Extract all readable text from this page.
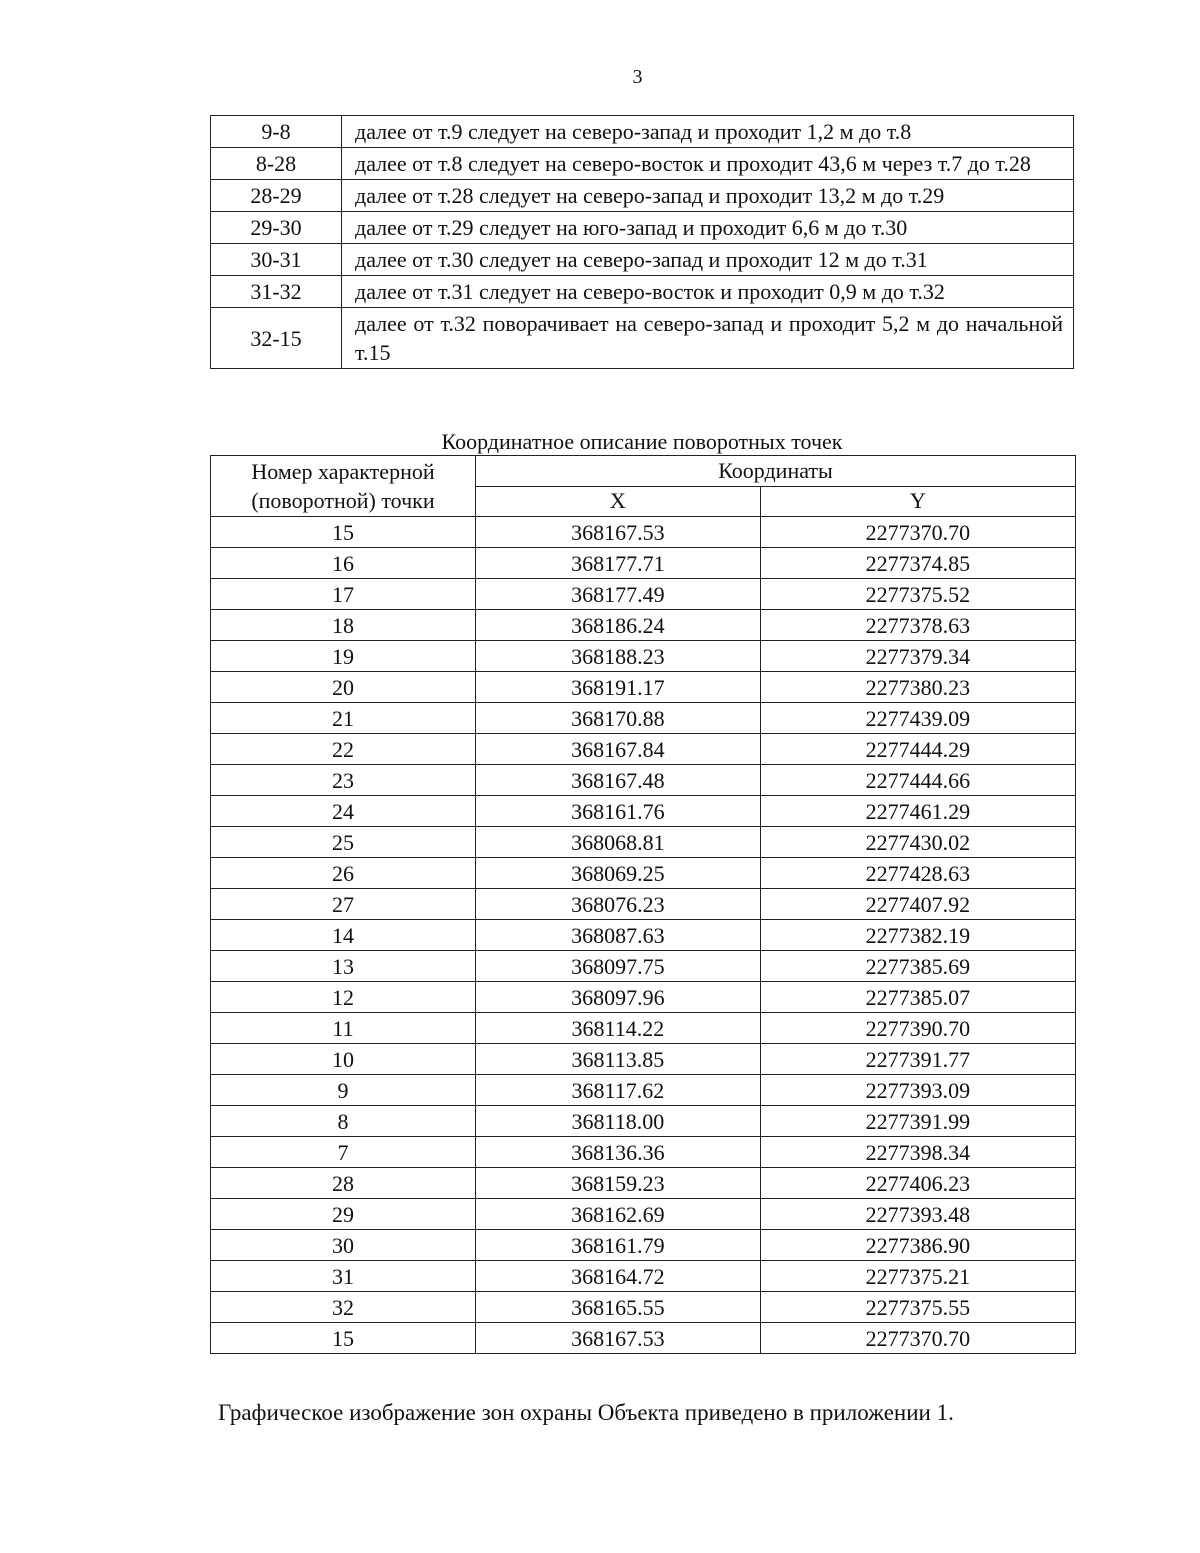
3
9-8	далее от т.9 следует на северо-запад и проходит 1,2 м до т.8
8-28	далее от т.8 следует на северо-восток и проходит 43,6 м через т.7 до т.28
28-29	далее от т.28 следует на северо-запад и проходит 13,2 м до т.29
29-30	далее от т.29 следует на юго-запад и проходит 6,6 м до т.30
30-31	далее от т.30 следует на северо-запад и проходит 12 м до т.31
31-32	далее от т.31 следует на северо-восток и проходит 0,9 м до т.32
32-15	далее от т.32 поворачивает на северо-запад и проходит 5,2 м до начальной т.15
Координатное описание поворотных точек
Номер характерной (поворотной) точки	Координаты	
	X	Y
15	368167.53	2277370.70
16	368177.71	2277374.85
17	368177.49	2277375.52
18	368186.24	2277378.63
19	368188.23	2277379.34
20	368191.17	2277380.23
21	368170.88	2277439.09
22	368167.84	2277444.29
23	368167.48	2277444.66
24	368161.76	2277461.29
25	368068.81	2277430.02
26	368069.25	2277428.63
27	368076.23	2277407.92
14	368087.63	2277382.19
13	368097.75	2277385.69
12	368097.96	2277385.07
11	368114.22	2277390.70
10	368113.85	2277391.77
9	368117.62	2277393.09
8	368118.00	2277391.99
7	368136.36	2277398.34
28	368159.23	2277406.23
29	368162.69	2277393.48
30	368161.79	2277386.90
31	368164.72	2277375.21
32	368165.55	2277375.55
15	368167.53	2277370.70
Графическое изображение зон охраны Объекта приведено в приложении 1.
